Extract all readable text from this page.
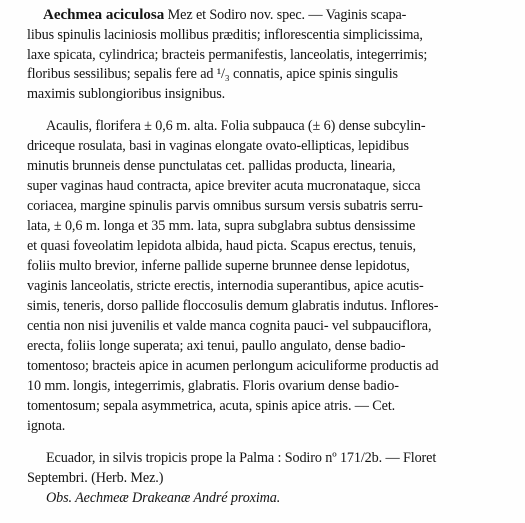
Aechmea aciculosa Mez et Sodiro nov. spec. — Vaginis scapa-
libus spinulis laciniosis mollibus præditis; inflorescentia simplicissima,
laxe spicata, cylindrica; bracteis permanifestis, lanceolatis, integerrimis;
floribus sessilibus; sepalis fere ad ¹/₃ connatis, apice spinis singulis
maximis sublongioribus insignibus.
Acaulis, florifera ± 0,6 m. alta. Folia subpauca (± 6) dense subcylin-
driceque rosulata, basi in vaginas elongate ovato-ellipticas, lepidibus
minutis brunneis dense punctulatas cet. pallidas producta, linearia,
super vaginas haud contracta, apice breviter acuta mucronataque, sicca
coriacea, margine spinulis parvis omnibus sursum versis subatris serru-
lata, ± 0,6 m. longa et 35 mm. lata, supra subglabra subtus densissime
et quasi foveolatim lepidota albida, haud picta. Scapus erectus, tenuis,
foliis multo brevior, inferne pallide superne brunnee dense lepidotus,
vaginis lanceolatis, stricte erectis, internodia superantibus, apice acutis-
simis, teneris, dorso pallide floccosulis demum glabratis indutus. Inflores-
centia non nisi juvenilis et valde manca cognita pauci- vel subpauciflora,
erecta, foliis longe superata; axi tenui, paullo angulato, dense badio-
tomentoso; bracteis apice in acumen perlongum aciculiforme productis ad
10 mm. longis, integerrimis, glabratis. Floris ovarium dense badio-
tomentosum; sepala asymmetrica, acuta, spinis apice atris. — Cet.
ignota.
Ecuador, in silvis tropicis prope la Palma : Sodiro nº 171/2b. — Floret
Septembri. (Herb. Mez.)
Obs. Aechmeæ Drakeanæ André proxima.
